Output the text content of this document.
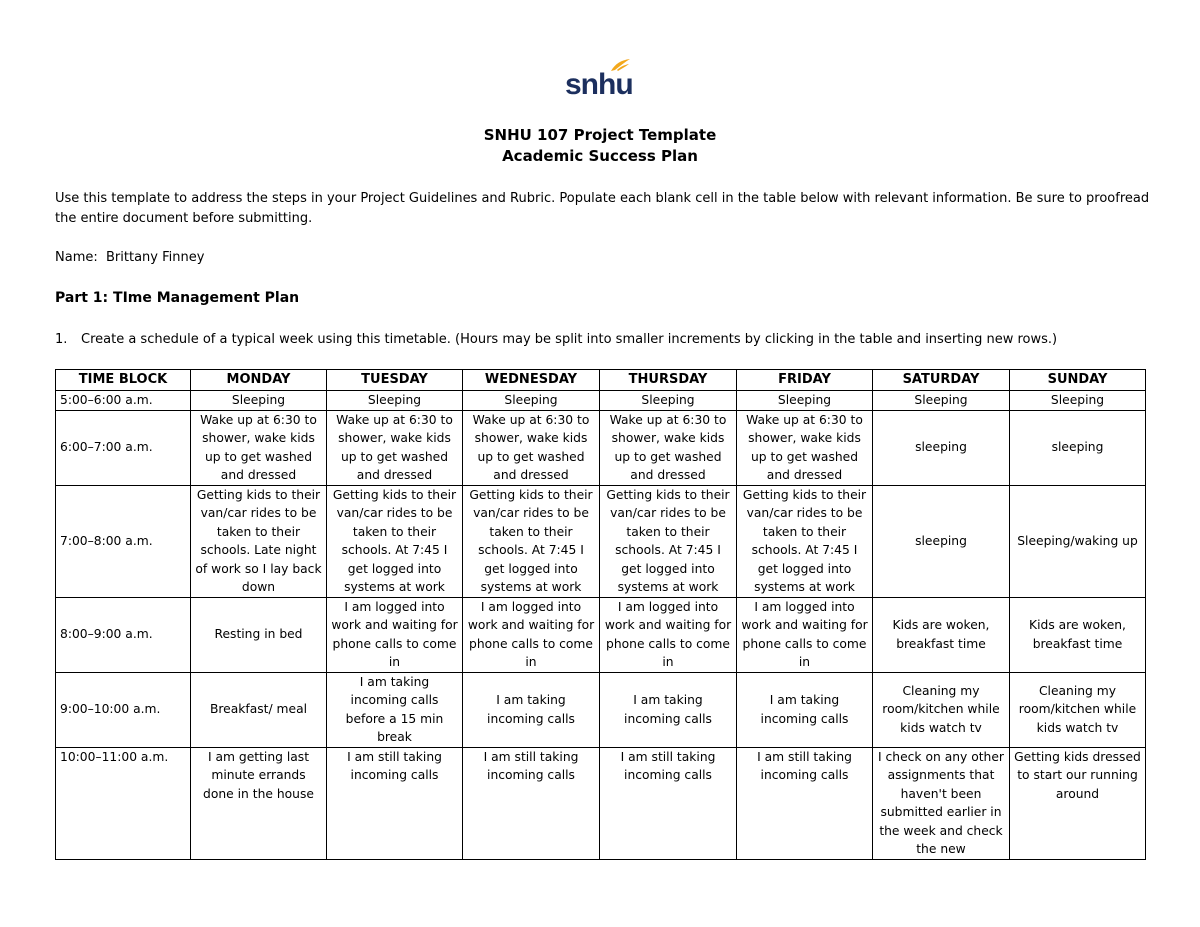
snhu
SNHU 107 Project Template
Academic Success Plan
Use this template to address the steps in your Project Guidelines and Rubric. Populate each blank cell in the table below with relevant information. Be sure to proofread the entire document before submitting.
Name: Brittany Finney
Part 1: TIme Management Plan
1. Create a schedule of a typical week using this timetable. (Hours may be split into smaller increments by clicking in the table and inserting new rows.)
TIME BLOCK	MONDAY	TUESDAY	WEDNESDAY	THURSDAY	FRIDAY	SATURDAY	SUNDAY
5:00–6:00 a.m.	Sleeping	Sleeping	Sleeping	Sleeping	Sleeping	Sleeping	Sleeping
6:00–7:00 a.m.	Wake up at 6:30 to shower, wake kids up to get washed and dressed	Wake up at 6:30 to shower, wake kids up to get washed and dressed	Wake up at 6:30 to shower, wake kids up to get washed and dressed	Wake up at 6:30 to shower, wake kids up to get washed and dressed	Wake up at 6:30 to shower, wake kids up to get washed and dressed	sleeping	sleeping
7:00–8:00 a.m.	Getting kids to their van/car rides to be taken to their schools. Late night of work so I lay back down	Getting kids to their van/car rides to be taken to their schools. At 7:45 I get logged into systems at work	Getting kids to their van/car rides to be taken to their schools. At 7:45 I get logged into systems at work	Getting kids to their van/car rides to be taken to their schools. At 7:45 I get logged into systems at work	Getting kids to their van/car rides to be taken to their schools. At 7:45 I get logged into systems at work	sleeping	Sleeping/waking up
8:00–9:00 a.m.	Resting in bed	I am logged into work and waiting for phone calls to come in	I am logged into work and waiting for phone calls to come in	I am logged into work and waiting for phone calls to come in	I am logged into work and waiting for phone calls to come in	Kids are woken, breakfast time	Kids are woken, breakfast time
9:00–10:00 a.m.	Breakfast/ meal	I am taking incoming calls before a 15 min break	I am taking incoming calls	I am taking incoming calls	I am taking incoming calls	Cleaning my room/kitchen while kids watch tv	Cleaning my room/kitchen while kids watch tv
10:00–11:00 a.m.	I am getting last minute errands done in the house	I am still taking incoming calls	I am still taking incoming calls	I am still taking incoming calls	I am still taking incoming calls	I check on any other assignments that haven't been submitted earlier in the week and check the new	Getting kids dressed to start our running around
